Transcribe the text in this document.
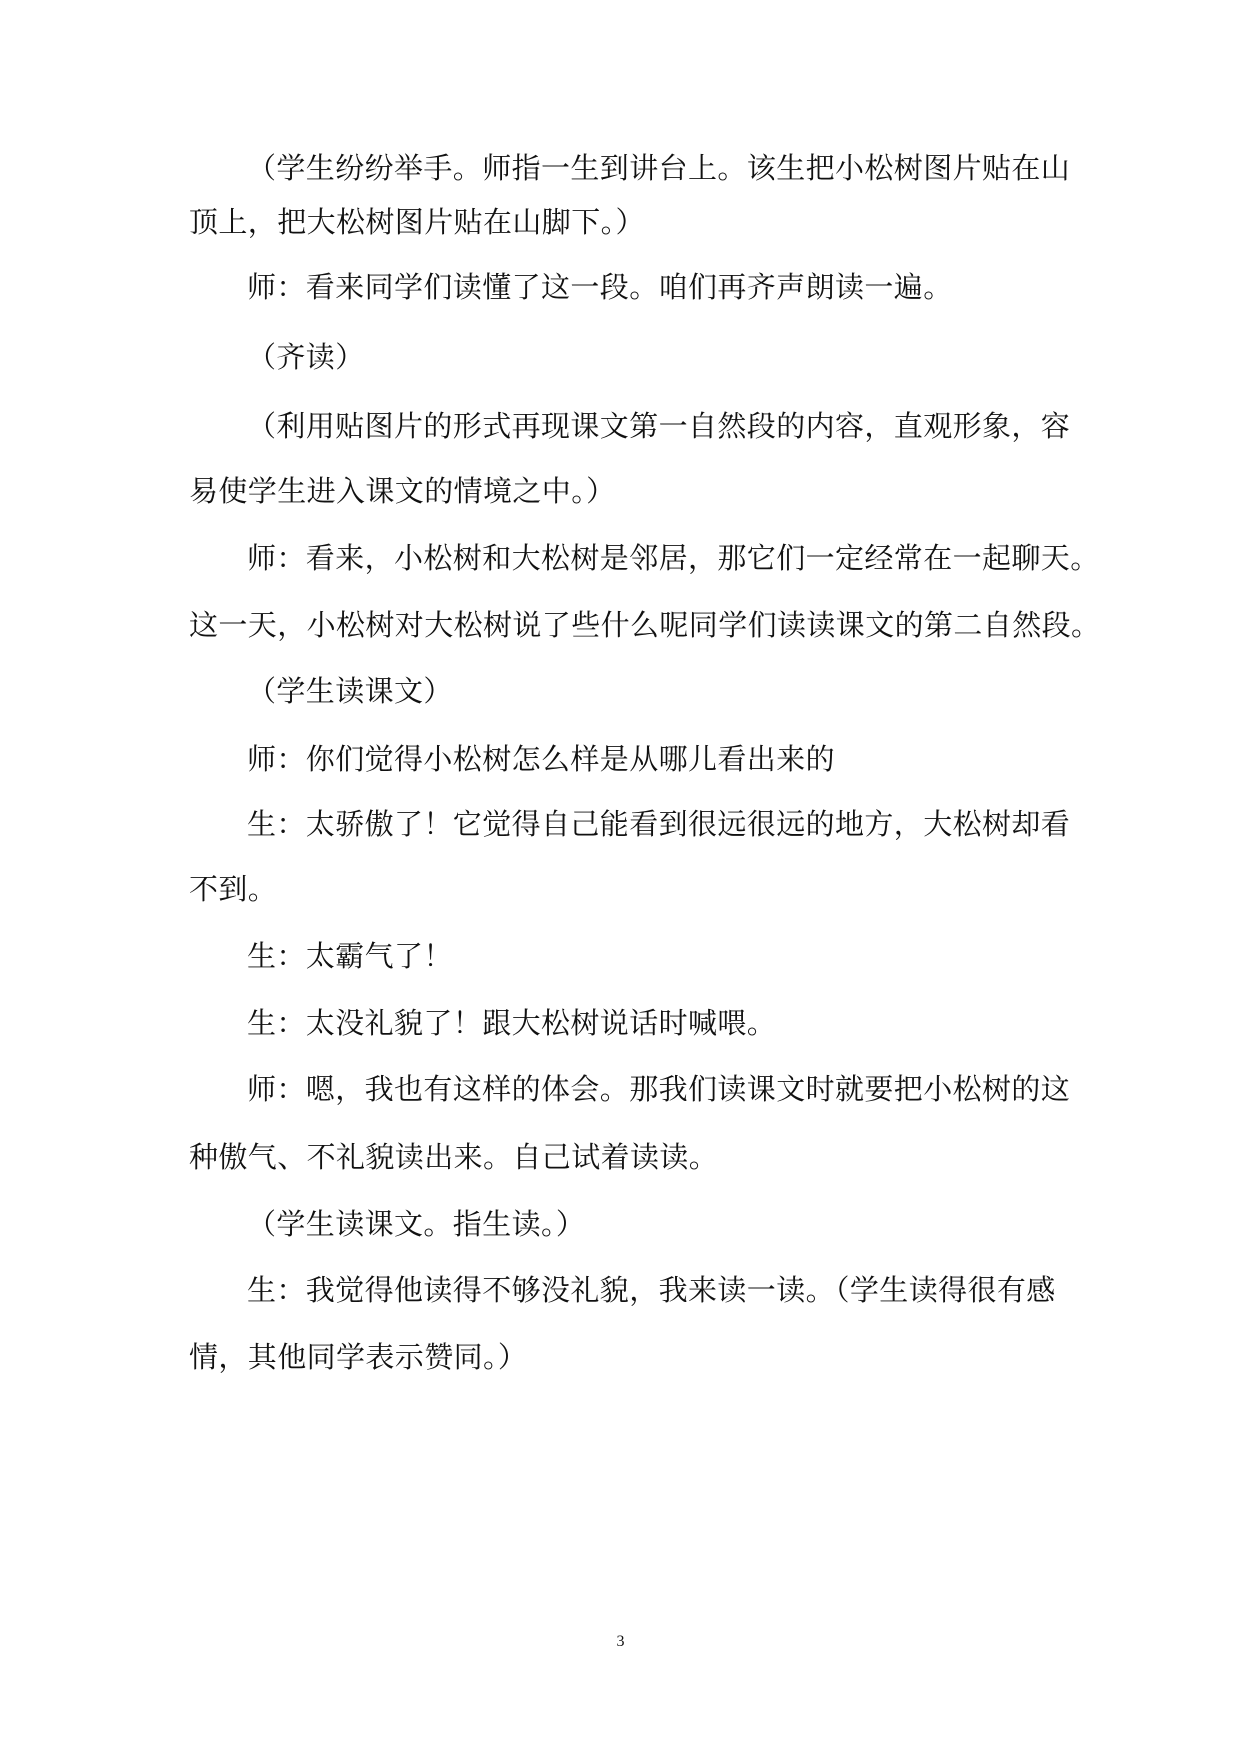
（学生纷纷举手。师指一生到讲台上。该生把小松树图片贴在山
顶上，把大松树图片贴在山脚下。）
师：看来同学们读懂了这一段。咱们再齐声朗读一遍。
（齐读）
（利用贴图片的形式再现课文第一自然段的内容，直观形象，容
易使学生进入课文的情境之中。）
师：看来，小松树和大松树是邻居，那它们一定经常在一起聊天。
这一天，小松树对大松树说了些什么呢同学们读读课文的第二自然段。
（学生读课文）
师：你们觉得小松树怎么样是从哪儿看出来的
生：太骄傲了！它觉得自己能看到很远很远的地方，大松树却看
不到。
生：太霸气了！
生：太没礼貌了！跟大松树说话时喊喂。
师：嗯，我也有这样的体会。那我们读课文时就要把小松树的这
种傲气、不礼貌读出来。自己试着读读。
（学生读课文。指生读。）
生：我觉得他读得不够没礼貌，我来读一读。（学生读得很有感
情，其他同学表示赞同。）
3
